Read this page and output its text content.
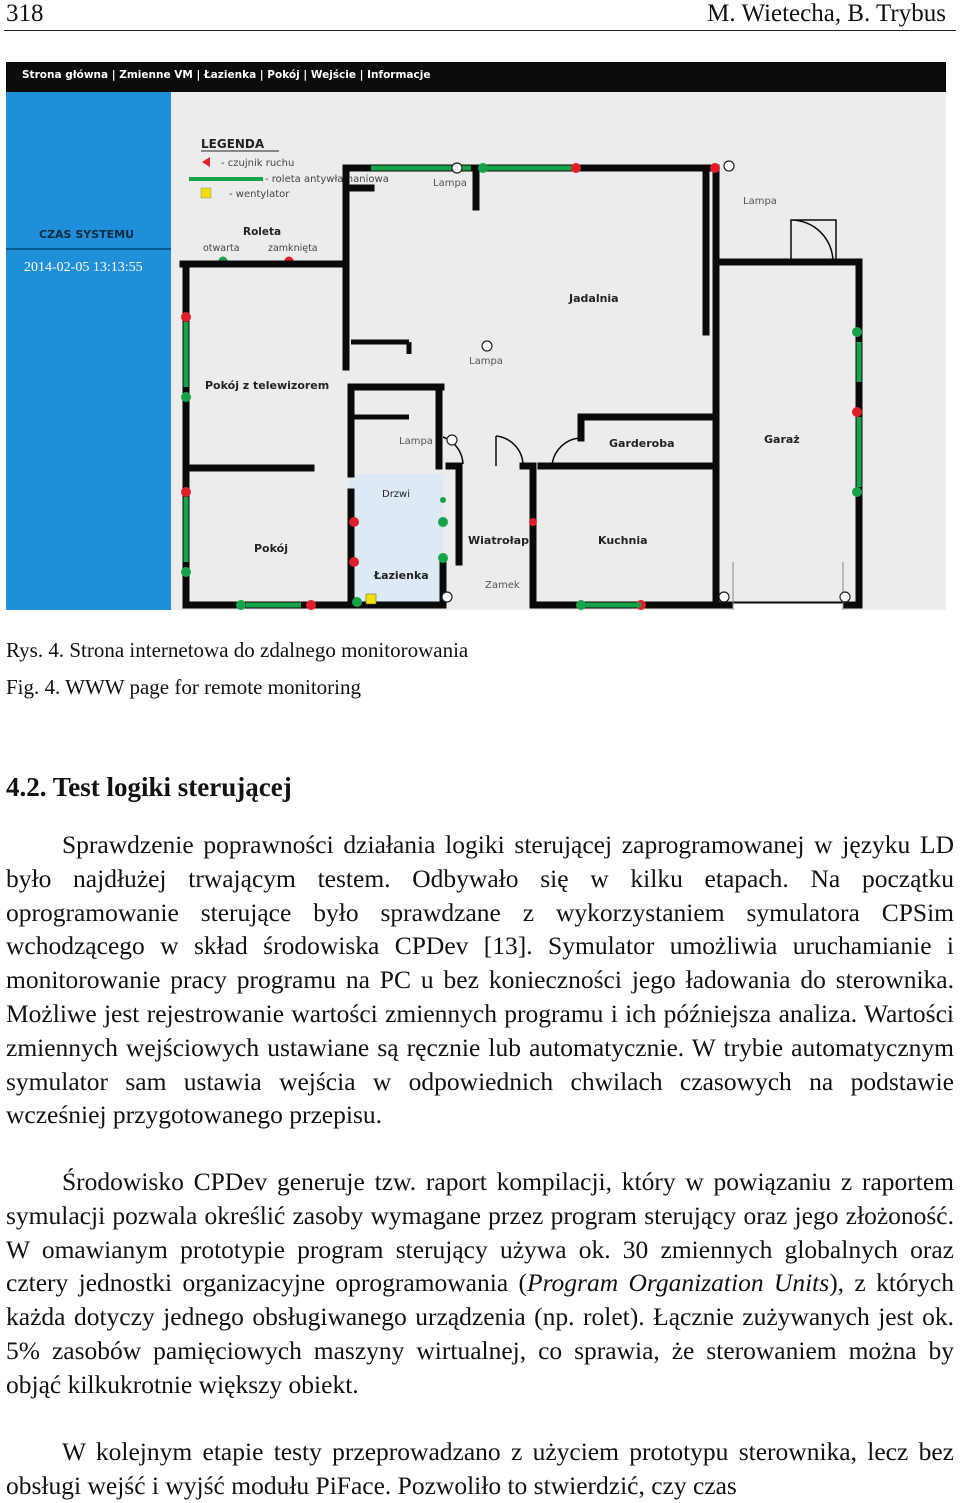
318	M. Wietecha, B. Trybus
Strona główna | Zmienne VM | Łazienka | Pokój | Wejście | Informacje
CZAS SYSTEMU
2014-02-05 13:13:55
LEGENDA
- czujnik ruchu
- roleta antywłamaniowa
- wentylator
Roleta
otwarta	zamknięta
Lampa
Lampa
Lampa
Lampa
Jadalnia
Pokój z telewizorem
Garderoba	Garaż
Kuchnia
Wiatrołap
Pokój
Łazienka
Drzwi
Zamek
Rys. 4. Strona internetowa do zdalnego monitorowania
Fig. 4. WWW page for remote monitoring
4.2. Test logiki sterującej
Sprawdzenie poprawności działania logiki sterującej zaprogramowanej w języku LD było najdłużej trwającym testem. Odbywało się w kilku etapach. Na początku oprogramowanie sterujące było sprawdzane z wykorzystaniem symulatora CPSim wchodzącego w skład środowiska CPDev [13]. Symulator umożliwia uruchamianie i monitorowanie pracy programu na PC u bez konieczności jego ładowania do sterownika. Możliwe jest rejestrowanie wartości zmiennych programu i ich późniejsza analiza. Wartości zmiennych wejściowych ustawiane są ręcznie lub automatycznie. W trybie automatycznym symulator sam ustawia wejścia w odpowiednich chwilach czasowych na podstawie wcześniej przygotowanego przepisu.
Środowisko CPDev generuje tzw. raport kompilacji, który w powiązaniu z raportem symulacji pozwala określić zasoby wymagane przez program sterujący oraz jego złożoność. W omawianym prototypie program sterujący używa ok. 30 zmiennych globalnych oraz cztery jednostki organizacyjne oprogramowania (Program Organization Units), z których każda dotyczy jednego obsługiwanego urządzenia (np. rolet). Łącznie zużywanych jest ok. 5% zasobów pamięciowych maszyny wirtualnej, co sprawia, że sterowaniem można by objąć kilkukrotnie większy obiekt.
W kolejnym etapie testy przeprowadzano z użyciem prototypu sterownika, lecz bez obsługi wejść i wyjść modułu PiFace. Pozwoliło to stwierdzić, czy czas
